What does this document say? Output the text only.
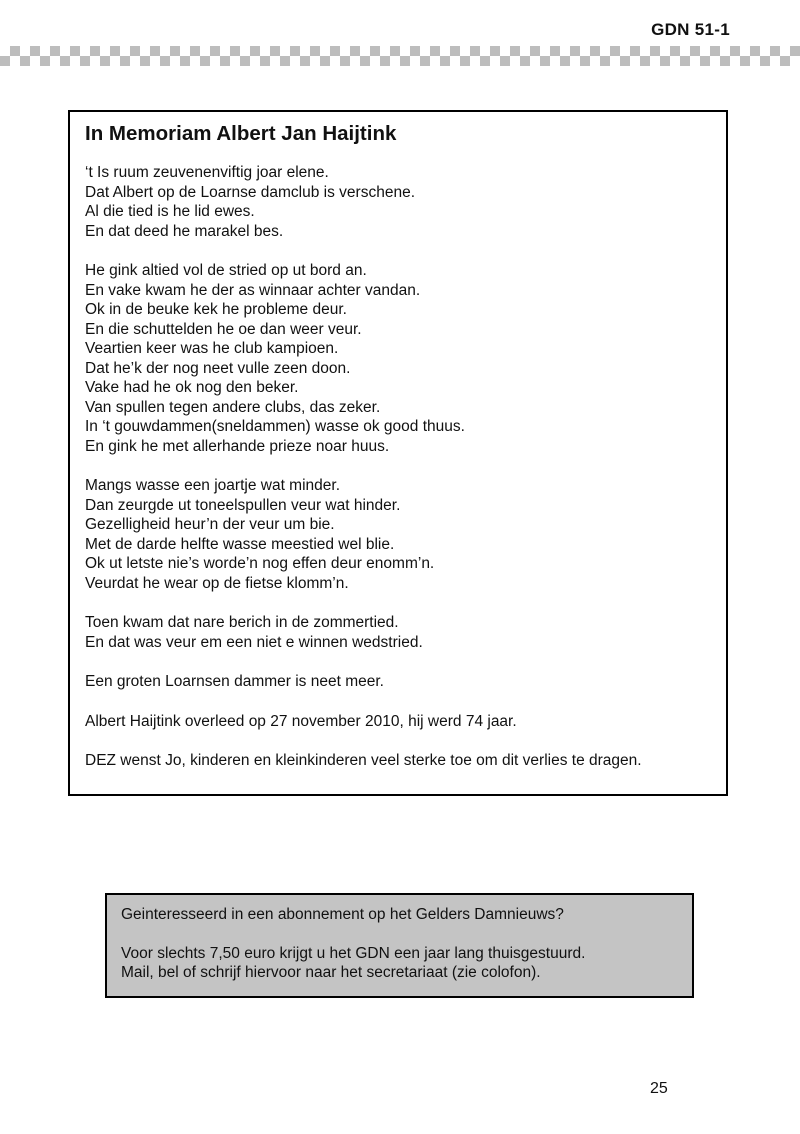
GDN 51-1
In Memoriam Albert Jan Haijtink
‘t Is ruum zeuvenenviftig joar elene.
Dat Albert op de Loarnse damclub is verschene.
Al die tied is he lid ewes.
En dat deed he marakel bes.
He gink altied vol de stried op ut bord an.
En vake kwam he der as winnaar achter vandan.
Ok in de beuke kek he probleme deur.
En die schuttelden he oe dan weer veur.
Veartien keer was he club kampioen.
Dat he’k der nog neet vulle zeen doon.
Vake had he ok nog den beker.
Van spullen tegen andere clubs, das zeker.
In ‘t gouwdammen(sneldammen) wasse ok good thuus.
En gink he met allerhande prieze noar huus.
Mangs wasse een joartje wat minder.
Dan zeurgde ut toneelspullen veur wat hinder.
Gezelligheid heur’n der veur um bie.
Met de darde helfte wasse meestied wel blie.
Ok ut letste nie’s worde’n nog effen deur enomm’n.
Veurdat he wear op de fietse klomm’n.
Toen kwam dat nare berich in de zommertied.
En dat was veur em een niet e winnen wedstried.
Een groten Loarnsen dammer is neet meer.
Albert Haijtink overleed op 27 november 2010, hij werd 74 jaar.
DEZ wenst Jo, kinderen en kleinkinderen veel sterke toe om dit verlies te dragen.
Geinteresseerd in een abonnement op het Gelders Damnieuws?
Voor slechts 7,50 euro krijgt u het GDN een jaar lang thuisgestuurd.
Mail, bel of schrijf hiervoor naar het secretariaat (zie colofon).
25
